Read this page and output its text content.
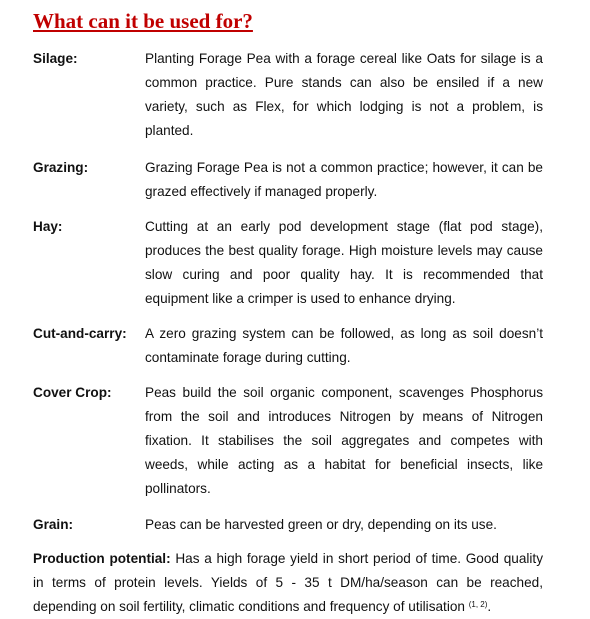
What can it be used for?
Silage:	Planting Forage Pea with a forage cereal like Oats for silage is a common practice. Pure stands can also be ensiled if a new variety, such as Flex, for which lodging is not a problem, is planted.
Grazing:	Grazing Forage Pea is not a common practice; however, it can be grazed effectively if managed properly.
Hay:	Cutting at an early pod development stage (flat pod stage), produces the best quality forage. High moisture levels may cause slow curing and poor quality hay. It is recommended that equipment like a crimper is used to enhance drying.
Cut-and-carry:	A zero grazing system can be followed, as long as soil doesn’t contaminate forage during cutting.
Cover Crop:	Peas build the soil organic component, scavenges Phosphorus from the soil and introduces Nitrogen by means of Nitrogen fixation. It stabilises the soil aggregates and competes with weeds, while acting as a habitat for beneficial insects, like pollinators.
Grain:	Peas can be harvested green or dry, depending on its use.

Production potential: Has a high forage yield in short period of time. Good quality in terms of protein levels. Yields of 5 - 35 t DM/ha/season can be reached, depending on soil fertility, climatic conditions and frequency of utilisation $^{(1, 2)}$.
